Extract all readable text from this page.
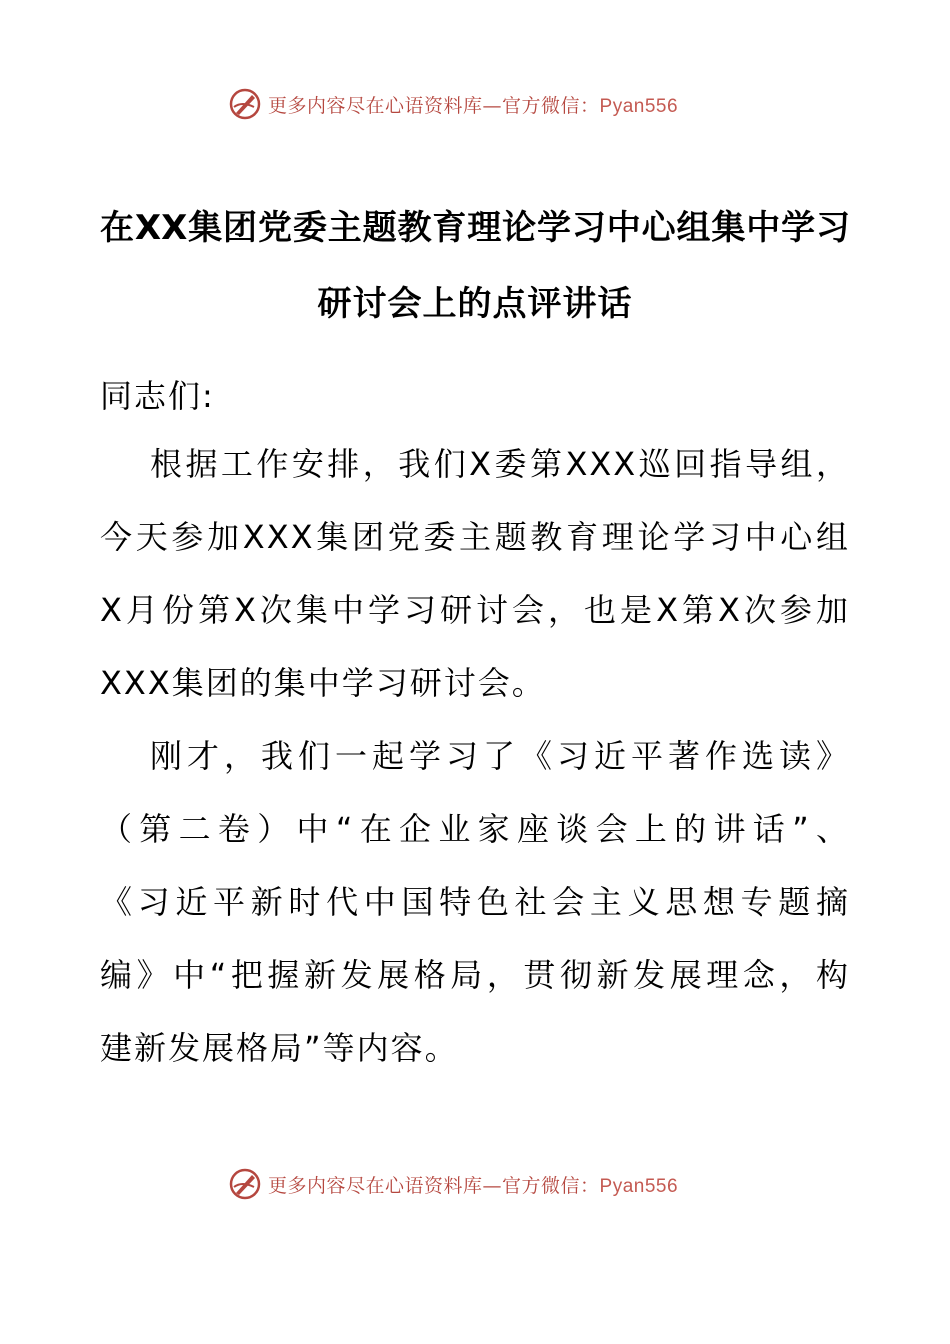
更多内容尽在心语资料库—官方微信：Pyan556
在XX集团党委主题教育理论学习中心组集中学习
研讨会上的点评讲话

同志们:

根据工作安排，我们X委第XXX巡回指导组，
今天参加XXX集团党委主题教育理论学习中心组
X月份第X次集中学习研讨会，也是X第X次参加
XXX集团的集中学习研讨会。
刚才，我们一起学习了《习近平著作选读》
（第二卷）中“在企业家座谈会上的讲话”、
《习近平新时代中国特色社会主义思想专题摘
编》中“把握新发展格局，贯彻新发展理念，构
建新发展格局”等内容。
更多内容尽在心语资料库—官方微信：Pyan556
